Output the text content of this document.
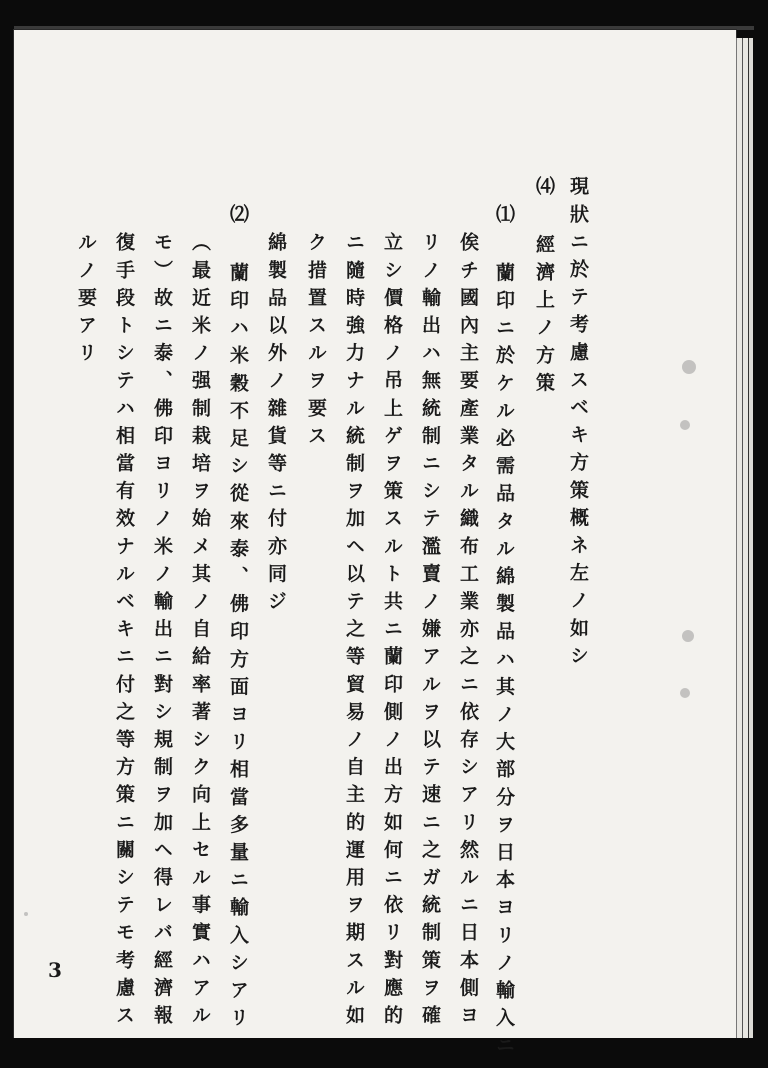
現狀ニ於テ考慮スベキ方策概ネ左ノ如シ
⑷ 經濟上ノ方策
⑴ 蘭印ニ於ケル必需品タル綿製品ハ其ノ大部分ヲ日本ヨリノ輸入ニ
俟チ國內主要產業タル織布工業亦之ニ依存シアリ然ルニ日本側ヨ
リノ輸出ハ無統制ニシテ濫賣ノ嫌アルヲ以テ速ニ之ガ統制策ヲ確
立シ價格ノ吊上ゲヲ策スルト共ニ蘭印側ノ出方如何ニ依リ對應的
ニ隨時強力ナル統制ヲ加ヘ以テ之等貿易ノ自主的運用ヲ期スル如
ク措置スルヲ要ス
綿製品以外ノ雜貨等ニ付亦同ジ
⑵ 蘭印ハ米穀不足シ從來泰、佛印方面ヨリ相當多量ニ輸入シアリ
（最近米ノ强制栽培ヲ始メ其ノ自給率著シク向上セル事實ハアル
モ）故ニ泰、佛印ヨリノ米ノ輸出ニ對シ規制ヲ加ヘ得レバ經濟報
復手段トシテハ相當有效ナルベキニ付之等方策ニ關シテモ考慮ス
ルノ要アリ
3
